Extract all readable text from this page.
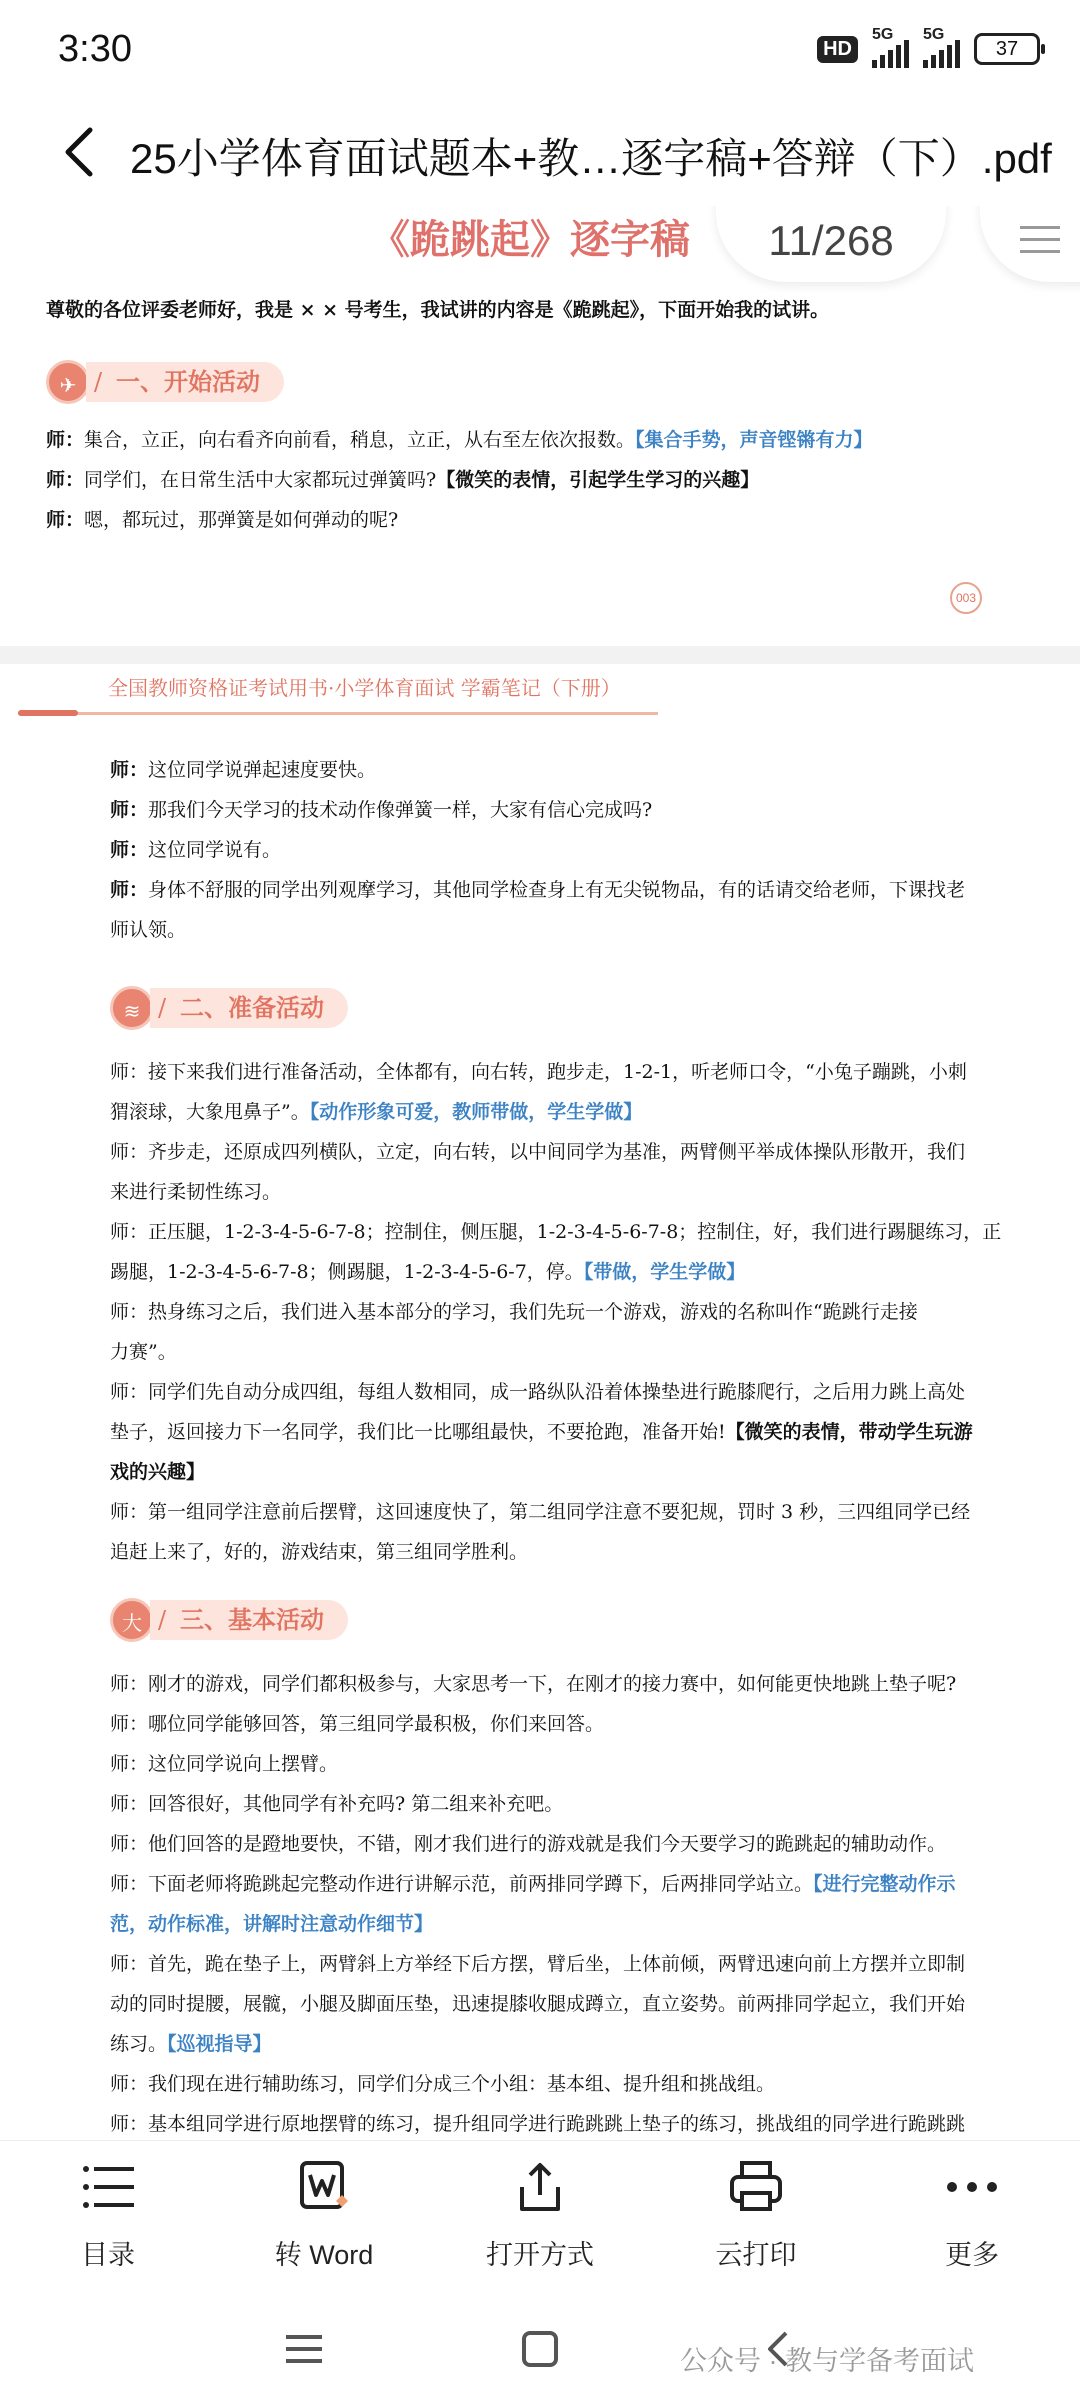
3:30	HD
5G 5G
37
25小学体育面试题本+教…逐字稿+答辩（下）.pdf
《跪跳起》逐字稿
尊敬的各位评委老师好，我是 × × 号考生，我试讲的内容是《跪跳起》，下面开始我的试讲。
✈	/ 一、开始活动
师：集合，立正，向右看齐向前看，稍息，立正，从右至左依次报数。【集合手势，声音铿锵有力】
师：同学们，在日常生活中大家都玩过弹簧吗?【微笑的表情，引起学生学习的兴趣】
师：嗯，都玩过，那弹簧是如何弹动的呢?
003
11/268
全国教师资格证考试用书·小学体育面试 学霸笔记（下册）
师：这位同学说弹起速度要快。
师：那我们今天学习的技术动作像弹簧一样，大家有信心完成吗?
师：这位同学说有。
师：身体不舒服的同学出列观摩学习，其他同学检查身上有无尖锐物品，有的话请交给老师，下课找老
师认领。
≋	/ 二、准备活动
师：接下来我们进行准备活动，全体都有，向右转，跑步走，1-2-1，听老师口令，“小兔子蹦跳，小刺
猬滚球，大象甩鼻子”。【动作形象可爱，教师带做，学生学做】
师：齐步走，还原成四列横队，立定，向右转，以中间同学为基准，两臂侧平举成体操队形散开，我们
来进行柔韧性练习。
师：正压腿，1-2-3-4-5-6-7-8；控制住，侧压腿，1-2-3-4-5-6-7-8；控制住，好，我们进行踢腿练习，正
踢腿，1-2-3-4-5-6-7-8；侧踢腿，1-2-3-4-5-6-7，停。【带做，学生学做】
师：热身练习之后，我们进入基本部分的学习，我们先玩一个游戏，游戏的名称叫作“跪跳行走接
力赛”。
师：同学们先自动分成四组，每组人数相同，成一路纵队沿着体操垫进行跪膝爬行，之后用力跳上高处
垫子，返回接力下一名同学，我们比一比哪组最快，不要抢跑，准备开始!【微笑的表情，带动学生玩游
戏的兴趣】
师：第一组同学注意前后摆臂，这回速度快了，第二组同学注意不要犯规，罚时 3 秒，三四组同学已经
追赶上来了，好的，游戏结束，第三组同学胜利。
大	/ 三、基本活动
师：刚才的游戏，同学们都积极参与，大家思考一下，在刚才的接力赛中，如何能更快地跳上垫子呢?
师：哪位同学能够回答，第三组同学最积极，你们来回答。
师：这位同学说向上摆臂。
师：回答很好，其他同学有补充吗? 第二组来补充吧。
师：他们回答的是蹬地要快，不错，刚才我们进行的游戏就是我们今天要学习的跪跳起的辅助动作。
师：下面老师将跪跳起完整动作进行讲解示范，前两排同学蹲下，后两排同学站立。【进行完整动作示
范，动作标准，讲解时注意动作细节】
师：首先，跪在垫子上，两臂斜上方举经下后方摆，臂后坐，上体前倾，两臂迅速向前上方摆并立即制
动的同时提腰，展髋，小腿及脚面压垫，迅速提膝收腿成蹲立，直立姿势。前两排同学起立，我们开始
练习。【巡视指导】
师：我们现在进行辅助练习，同学们分成三个小组：基本组、提升组和挑战组。
师：基本组同学进行原地摆臂的练习，提升组同学进行跪跳跳上垫子的练习，挑战组的同学进行跪跳跳
目录	转 Word	打开方式	云打印	更多
公众号 · 教与学备考面试
